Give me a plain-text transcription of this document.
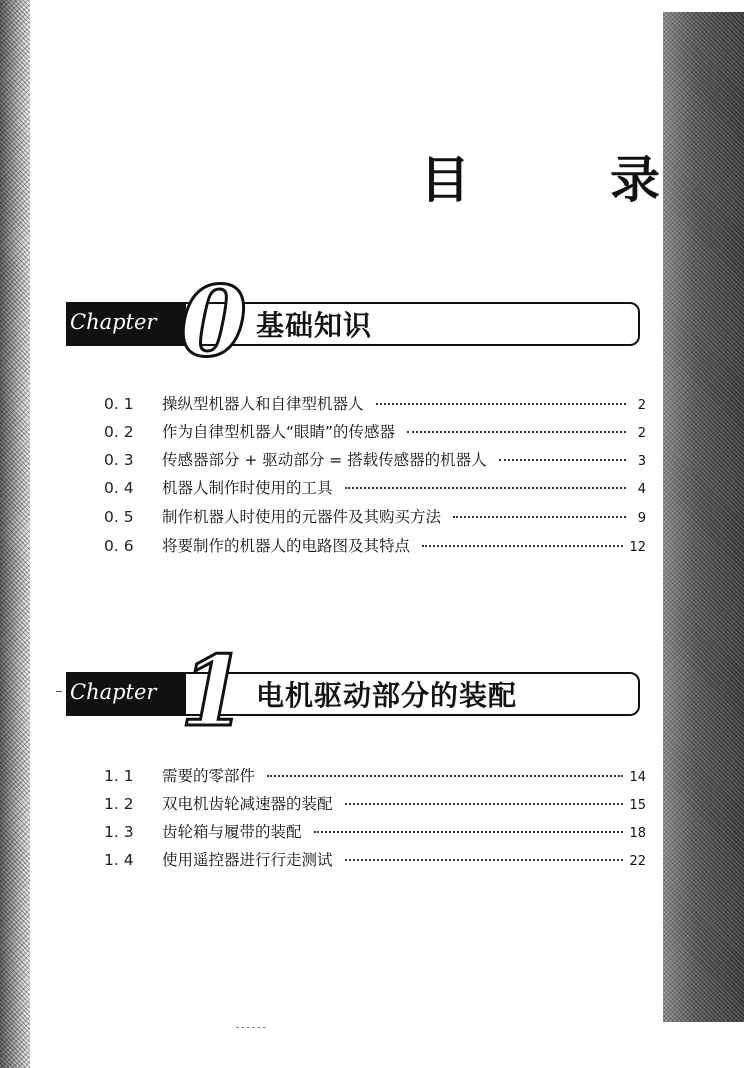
目	录
Chapter 0 基础知识
0. 1	操纵型机器人和自律型机器人	2
0. 2	作为自律型机器人“眼睛”的传感器	2
0. 3	传感器部分 + 驱动部分 = 搭载传感器的机器人	3
0. 4	机器人制作时使用的工具	4
0. 5	制作机器人时使用的元器件及其购买方法	9
0. 6	将要制作的机器人的电路图及其特点	12
Chapter 1 电机驱动部分的装配
1. 1	需要的零部件	14
1. 2	双电机齿轮减速器的装配	15
1. 3	齿轮箱与履带的装配	18
1. 4	使用遥控器进行行走测试	22
